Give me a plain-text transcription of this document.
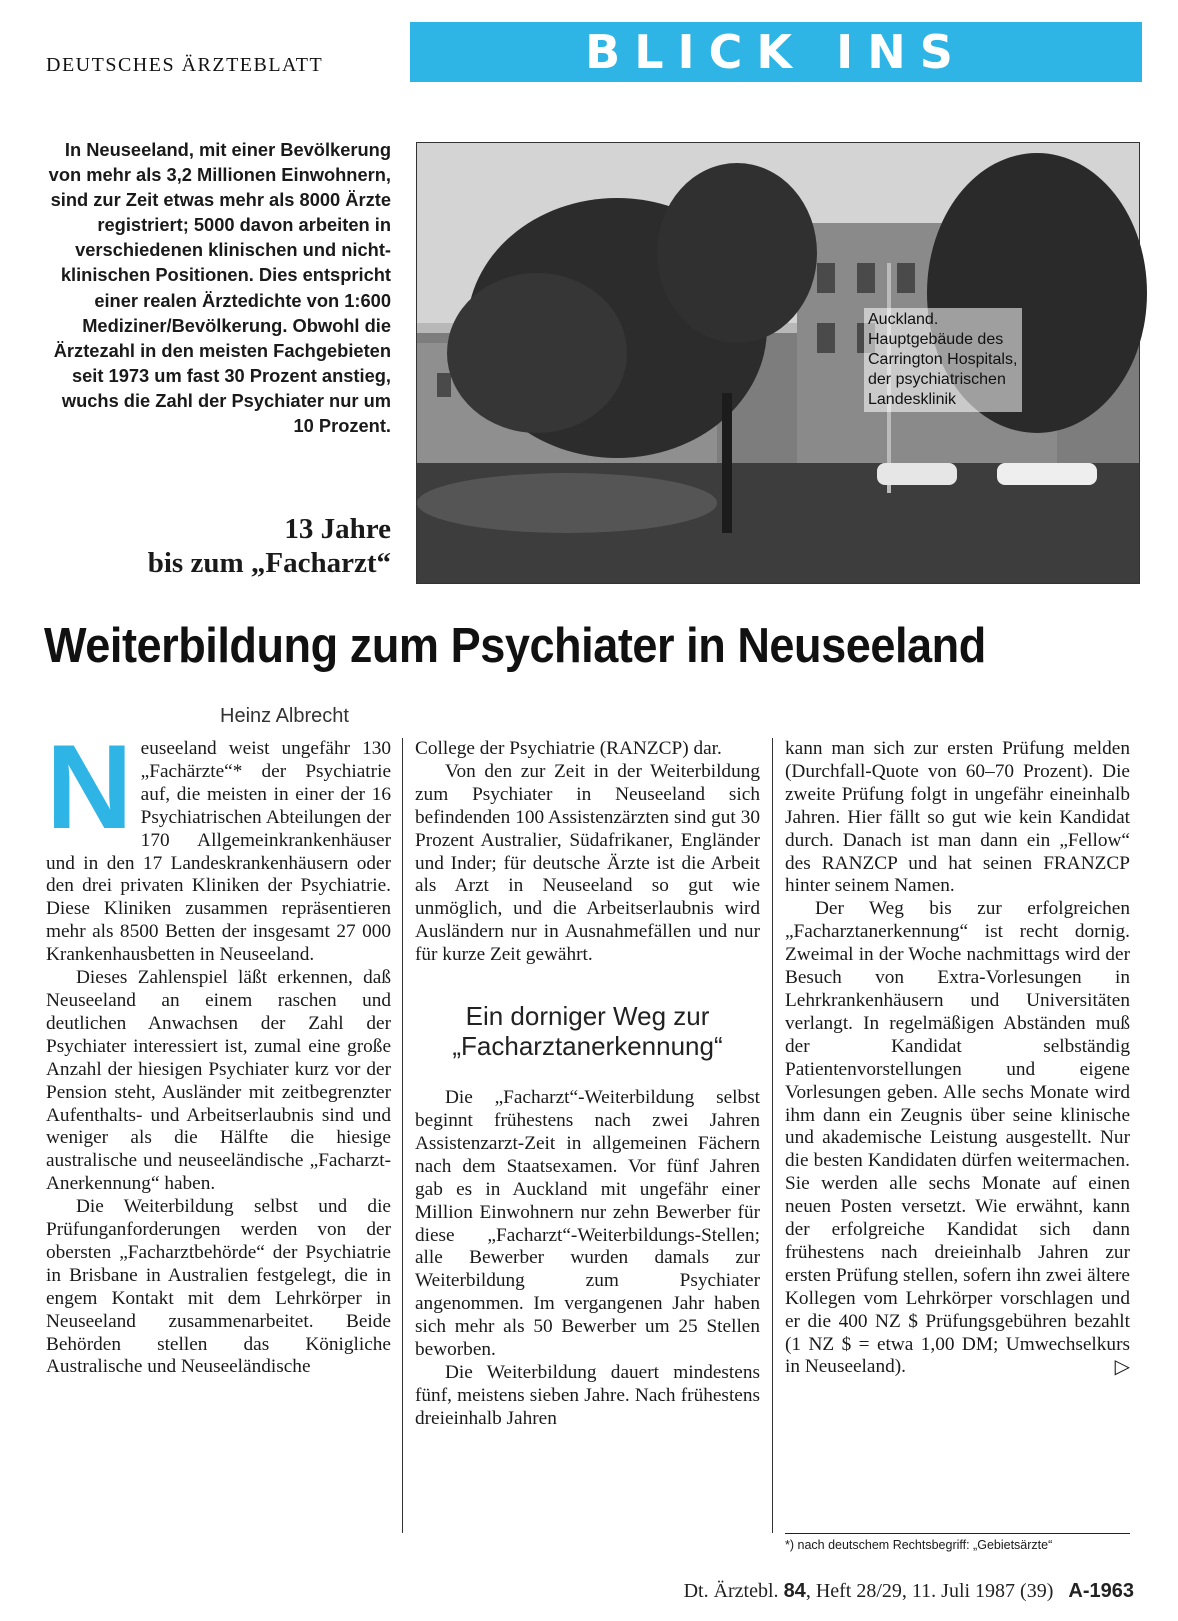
DEUTSCHES ÄRZTEBLATT	BLICK INS AUSLAND
In Neuseeland, mit einer Bevölkerung von mehr als 3,2 Millionen Einwohnern, sind zur Zeit etwas mehr als 8000 Ärzte registriert; 5000 davon arbeiten in verschiedenen klinischen und nicht-klinischen Positionen. Dies entspricht einer realen Ärztedichte von 1:600 Mediziner/Bevölkerung. Obwohl die Ärztezahl in den meisten Fachgebieten seit 1973 um fast 30 Prozent anstieg, wuchs die Zahl der Psychiater nur um 10 Prozent.
13 Jahre
bis zum „Facharzt“
Auckland. Hauptgebäude des Carrington Hospitals, der psychiatrischen Landesklinik
Weiterbildung zum Psychiater in Neuseeland
Heinz Albrecht

Neuseeland weist ungefähr 130 „Fachärzte“* der Psychiatrie auf, die meisten in einer der 16 Psychiatrischen Abteilungen der 170 Allgemeinkrankenhäuser und in den 17 Landeskrankenhäusern oder den drei privaten Kliniken der Psychiatrie. Diese Kliniken zusammen repräsentieren mehr als 8500 Betten der insgesamt 27 000 Krankenhausbetten in Neuseeland.

Dieses Zahlenspiel läßt erkennen, daß Neuseeland an einem raschen und deutlichen Anwachsen der Zahl der Psychiater interessiert ist, zumal eine große Anzahl der hiesigen Psychiater kurz vor der Pension steht, Ausländer mit zeitbegrenzter Aufenthalts- und Arbeitserlaubnis sind und weniger als die Hälfte die hiesige australische und neuseeländische „Facharzt-Anerkennung“ haben.

Die Weiterbildung selbst und die Prüfunganforderungen werden von der obersten „Facharztbehörde“ der Psychiatrie in Brisbane in Australien festgelegt, die in engem Kontakt mit dem Lehrkörper in Neuseeland zusammenarbeitet. Beide Behörden stellen das Königliche Australische und Neuseeländische

College der Psychiatrie (RANZCP) dar.

Von den zur Zeit in der Weiterbildung zum Psychiater in Neuseeland sich befindenden 100 Assistenzärzten sind gut 30 Prozent Australier, Südafrikaner, Engländer und Inder; für deutsche Ärzte ist die Arbeit als Arzt in Neuseeland so gut wie unmöglich, und die Arbeitserlaubnis wird Ausländern nur in Ausnahmefällen und nur für kurze Zeit gewährt.

Ein dorniger Weg zur „Facharztanerkennung“

Die „Facharzt“-Weiterbildung selbst beginnt frühestens nach zwei Jahren Assistenzarzt-Zeit in allgemeinen Fächern nach dem Staatsexamen. Vor fünf Jahren gab es in Auckland mit ungefähr einer Million Einwohnern nur zehn Bewerber für diese „Facharzt“-Weiterbildungs-Stellen; alle Bewerber wurden damals zur Weiterbildung zum Psychiater angenommen. Im vergangenen Jahr haben sich mehr als 50 Bewerber um 25 Stellen beworben.

Die Weiterbildung dauert mindestens fünf, meistens sieben Jahre. Nach frühestens dreieinhalb Jahren

kann man sich zur ersten Prüfung melden (Durchfall-Quote von 60–70 Prozent). Die zweite Prüfung folgt in ungefähr eineinhalb Jahren. Hier fällt so gut wie kein Kandidat durch. Danach ist man dann ein „Fellow“ des RANZCP und hat seinen FRANZCP hinter seinem Namen.

Der Weg bis zur erfolgreichen „Facharztanerkennung“ ist recht dornig. Zweimal in der Woche nachmittags wird der Besuch von Extra-Vorlesungen in Lehrkrankenhäusern und Universitäten verlangt. In regelmäßigen Abständen muß der Kandidat selbständig Patientenvorstellungen und eigene Vorlesungen geben. Alle sechs Monate wird ihm dann ein Zeugnis über seine klinische und akademische Leistung ausgestellt. Nur die besten Kandidaten dürfen weitermachen. Sie werden alle sechs Monate auf einen neuen Posten versetzt. Wie erwähnt, kann der erfolgreiche Kandidat sich dann frühestens nach dreieinhalb Jahren zur ersten Prüfung stellen, sofern ihn zwei ältere Kollegen vom Lehrkörper vorschlagen und er die 400 NZ $ Prüfungsgebühren bezahlt (1 NZ $ = etwa 1,00 DM; Umwechselkurs in Neuseeland).	▷

*) nach deutschem Rechtsbegriff: „Gebietsärzte“
Dt. Ärztebl. 84, Heft 28/29, 11. Juli 1987 (39) A-1963
